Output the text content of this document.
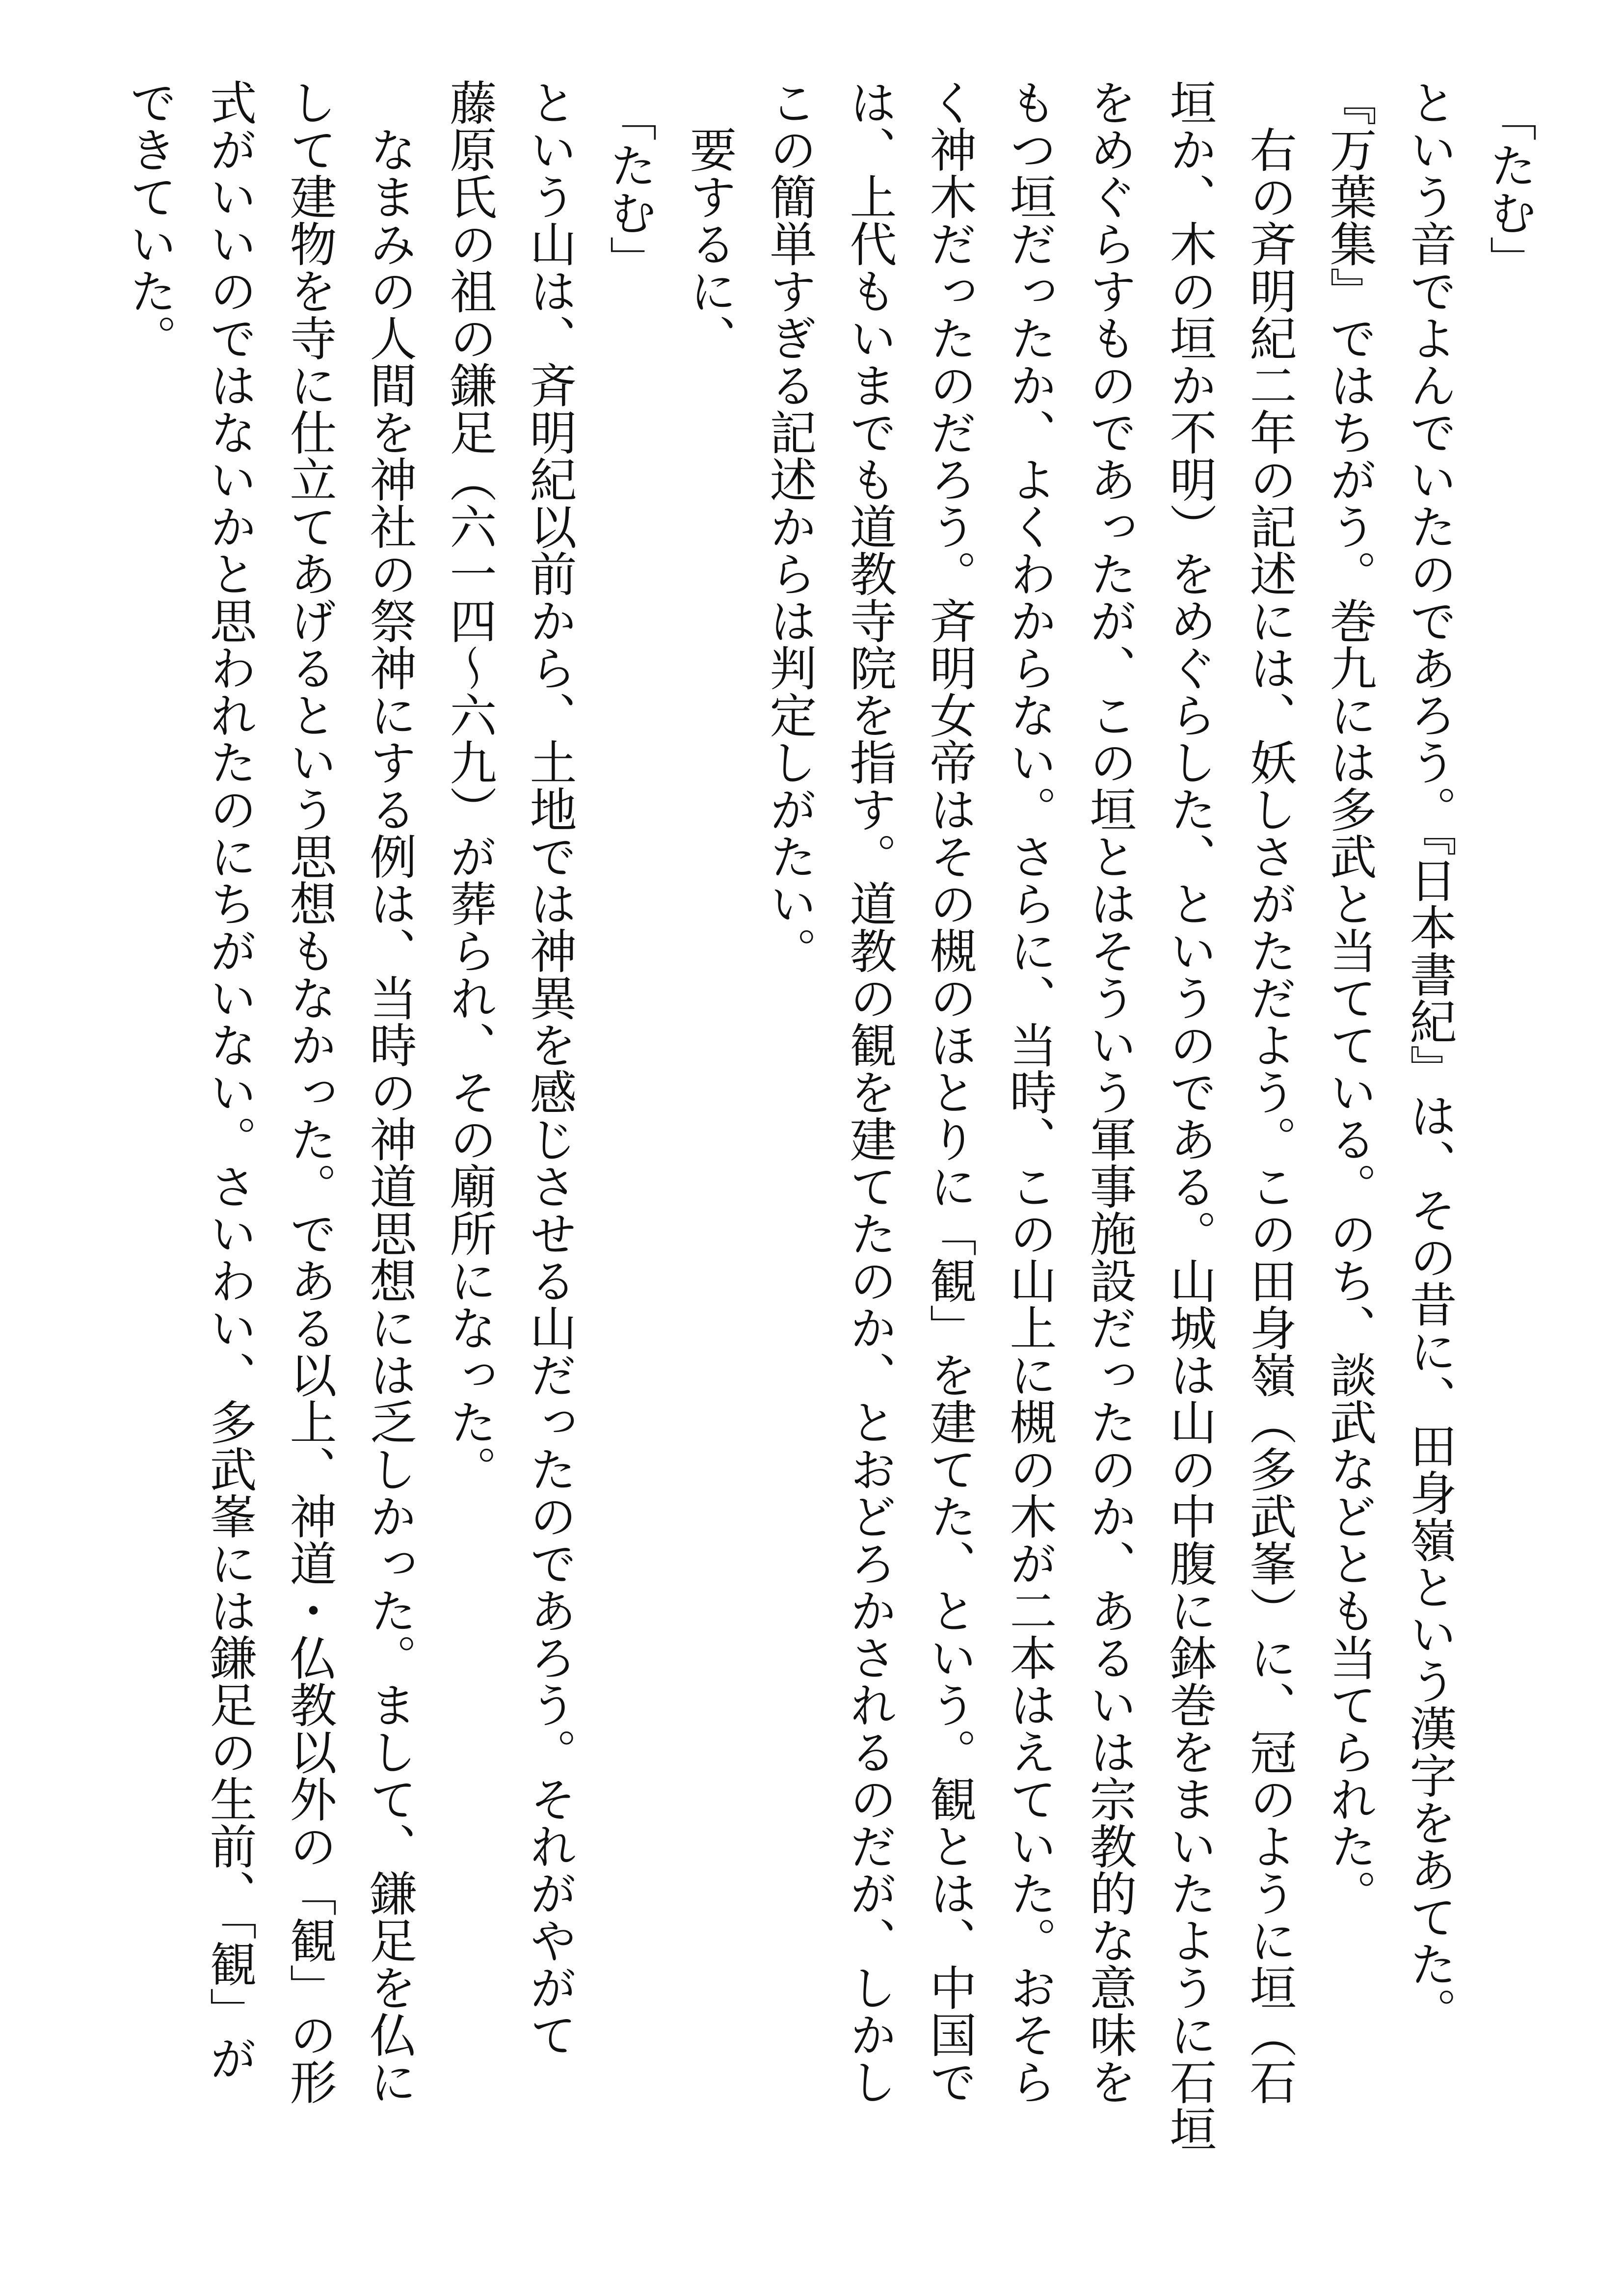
「たむ」

という音でよんでいたのであろう。『日本書紀』は、その昔に、田身嶺という漢字をあてた。

『万葉集』ではちがう。巻九には多武と当てている。のち、談武などとも当てられた。

右の斉明紀二年の記述には、妖しさがただよう。この田身嶺（多武峯）に、冠のように垣（石

垣か、木の垣か不明）をめぐらした、というのである。山城は山の中腹に鉢巻をまいたように石垣

をめぐらすものであったが、この垣とはそういう軍事施設だったのか、あるいは宗教的な意味を

もつ垣だったか、よくわからない。さらに、当時、この山上に槻の木が二本はえていた。おそら

く神木だったのだろう。斉明女帝はその槻のほとりに「観」を建てた、という。観とは、中国で

は、上代もいまでも道教寺院を指す。道教の観を建てたのか、とおどろかされるのだが、しかし

この簡単すぎる記述からは判定しがたい。

要するに、

「たむ」

という山は、斉明紀以前から、土地では神異を感じさせる山だったのであろう。それがやがて

藤原氏の祖の鎌足（六一四〜六九）が葬られ、その廟所になった。

なまみの人間を神社の祭神にする例は、当時の神道思想には乏しかった。まして、鎌足を仏に

して建物を寺に仕立てあげるという思想もなかった。である以上、神道・仏教以外の「観」の形

式がいいのではないかと思われたのにちがいない。さいわい、多武峯には鎌足の生前、「観」が

できていた。
